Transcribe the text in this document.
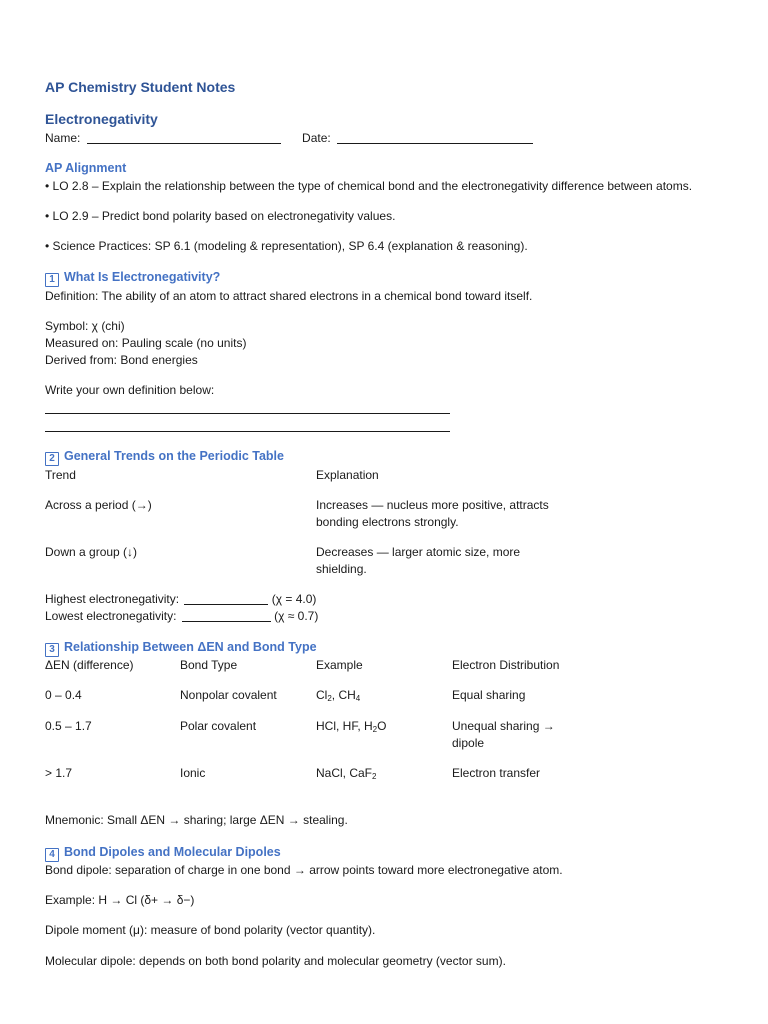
AP Chemistry Student Notes
Electronegativity
Name:	Date:
AP Alignment
• LO 2.8 – Explain the relationship between the type of chemical bond and the electronegativity difference between atoms.
• LO 2.9 – Predict bond polarity based on electronegativity values.
• Science Practices: SP 6.1 (modeling & representation), SP 6.4 (explanation & reasoning).
1 What Is Electronegativity?
Definition: The ability of an atom to attract shared electrons in a chemical bond toward itself.
Symbol: χ (chi)
Measured on: Pauling scale (no units)
Derived from: Bond energies
Write your own definition below:
2 General Trends on the Periodic Table
Trend	Explanation
Across a period (→)	Increases — nucleus more positive, attracts
bonding electrons strongly.
Down a group (↓)	Decreases — larger atomic size, more
shielding.
Highest electronegativity:	(χ = 4.0)
Lowest electronegativity:	(χ ≈ 0.7)
3 Relationship Between ΔEN and Bond Type
ΔEN (difference)	Bond Type	Example	Electron Distribution
0 – 0.4	Nonpolar covalent	$Cl_2$, $CH_4$	Equal sharing
0.5 – 1.7	Polar covalent	HCl, HF, $H_2O$	Unequal sharing →
dipole
> 1.7	Ionic	NaCl, CaF$_2$	Electron transfer
Mnemonic: Small ΔEN → sharing; large ΔEN → stealing.
4 Bond Dipoles and Molecular Dipoles
Bond dipole: separation of charge in one bond → arrow points toward more electronegative atom.
Example: H → Cl (δ+ → δ−)
Dipole moment (μ): measure of bond polarity (vector quantity).
Molecular dipole: depends on both bond polarity and molecular geometry (vector sum).
